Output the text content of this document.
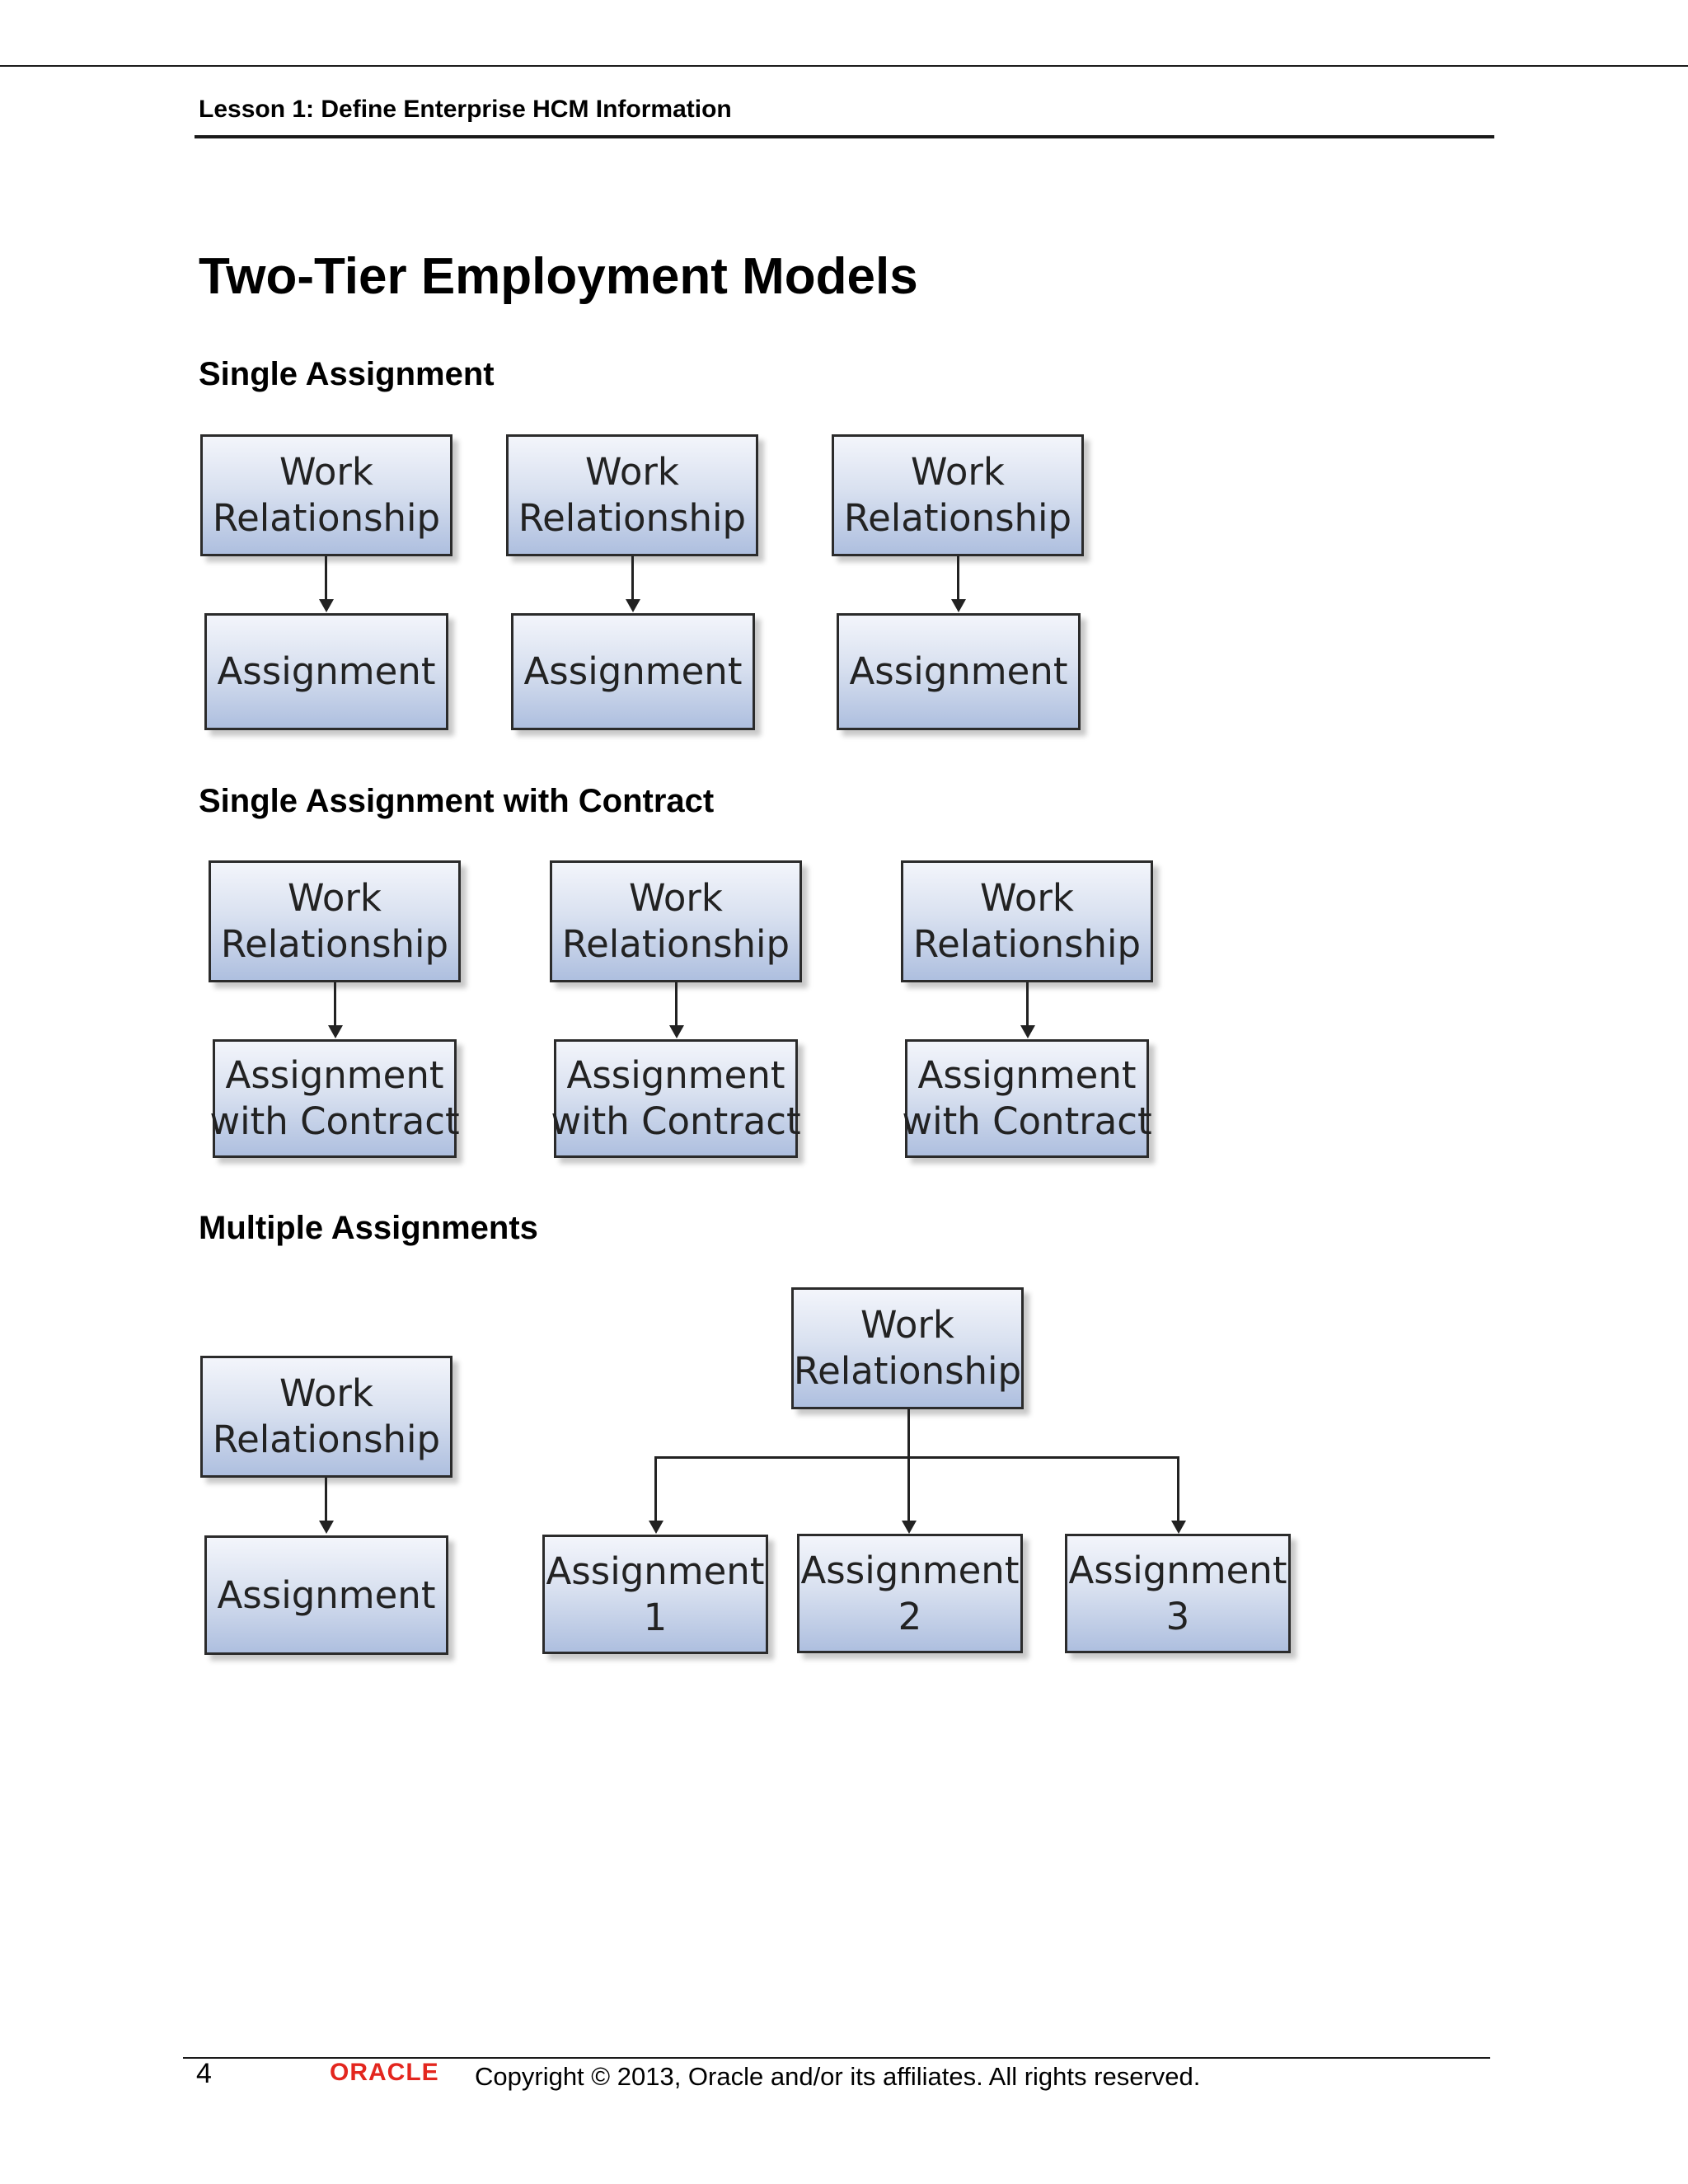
Lesson 1: Define Enterprise HCM Information
Two-Tier Employment Models
Single Assignment
Single Assignment with Contract
Multiple Assignments
Work
Relationship
Assignment
Work
Relationship
Assignment
Work
Relationship
Assignment
Work
Relationship
Assignment
with Contract
Work
Relationship
Assignment
with Contract
Work
Relationship
Assignment
with Contract
Work
Relationship
Assignment
Work
Relationship
Assignment
1
Assignment
2
Assignment
3
4	ORACLE Copyright © 2013, Oracle and/or its affiliates. All rights reserved.
